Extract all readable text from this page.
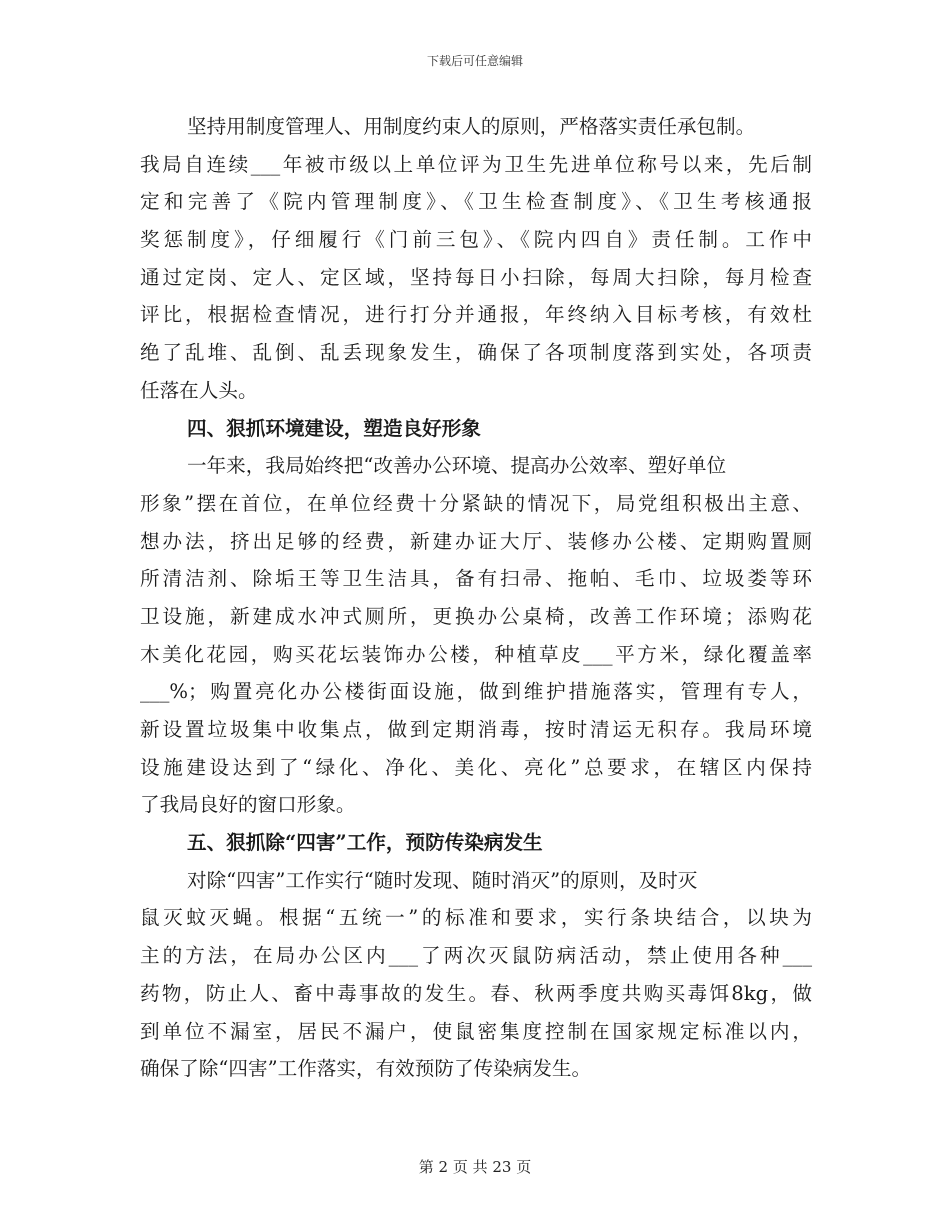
下载后可任意编辑
坚持用制度管理人、用制度约束人的原则，严格落实责任承包制。
我局自连续___年被市级以上单位评为卫生先进单位称号以来，先后制
定和完善了《院内管理制度》、《卫生检查制度》、《卫生考核通报
奖惩制度》，仔细履行《门前三包》、《院内四自》责任制。工作中
通过定岗、定人、定区域，坚持每日小扫除，每周大扫除，每月检查
评比，根据检查情况，进行打分并通报，年终纳入目标考核，有效杜
绝了乱堆、乱倒、乱丢现象发生，确保了各项制度落到实处，各项责
任落在人头。
四、狠抓环境建设，塑造良好形象
一年来，我局始终把“改善办公环境、提高办公效率、塑好单位
形象”摆在首位，在单位经费十分紧缺的情况下，局党组积极出主意、
想办法，挤出足够的经费，新建办证大厅、装修办公楼、定期购置厕
所清洁剂、除垢王等卫生洁具，备有扫帚、拖帕、毛巾、垃圾娄等环
卫设施，新建成水冲式厕所，更换办公桌椅，改善工作环境；添购花
木美化花园，购买花坛装饰办公楼，种植草皮___平方米，绿化覆盖率
___%；购置亮化办公楼街面设施，做到维护措施落实，管理有专人，
新设置垃圾集中收集点，做到定期消毒，按时清运无积存。我局环境
设施建设达到了“绿化、净化、美化、亮化”总要求，在辖区内保持
了我局良好的窗口形象。
五、狠抓除“四害”工作，预防传染病发生
对除“四害”工作实行“随时发现、随时消灭”的原则，及时灭
鼠灭蚊灭蝇。根据“五统一”的标准和要求，实行条块结合，以块为
主的方法，在局办公区内___了两次灭鼠防病活动，禁止使用各种___
药物，防止人、畜中毒事故的发生。春、秋两季度共购买毒饵8kg，做
到单位不漏室，居民不漏户，使鼠密集度控制在国家规定标准以内，
确保了除“四害”工作落实，有效预防了传染病发生。
第 2 页 共 23 页
